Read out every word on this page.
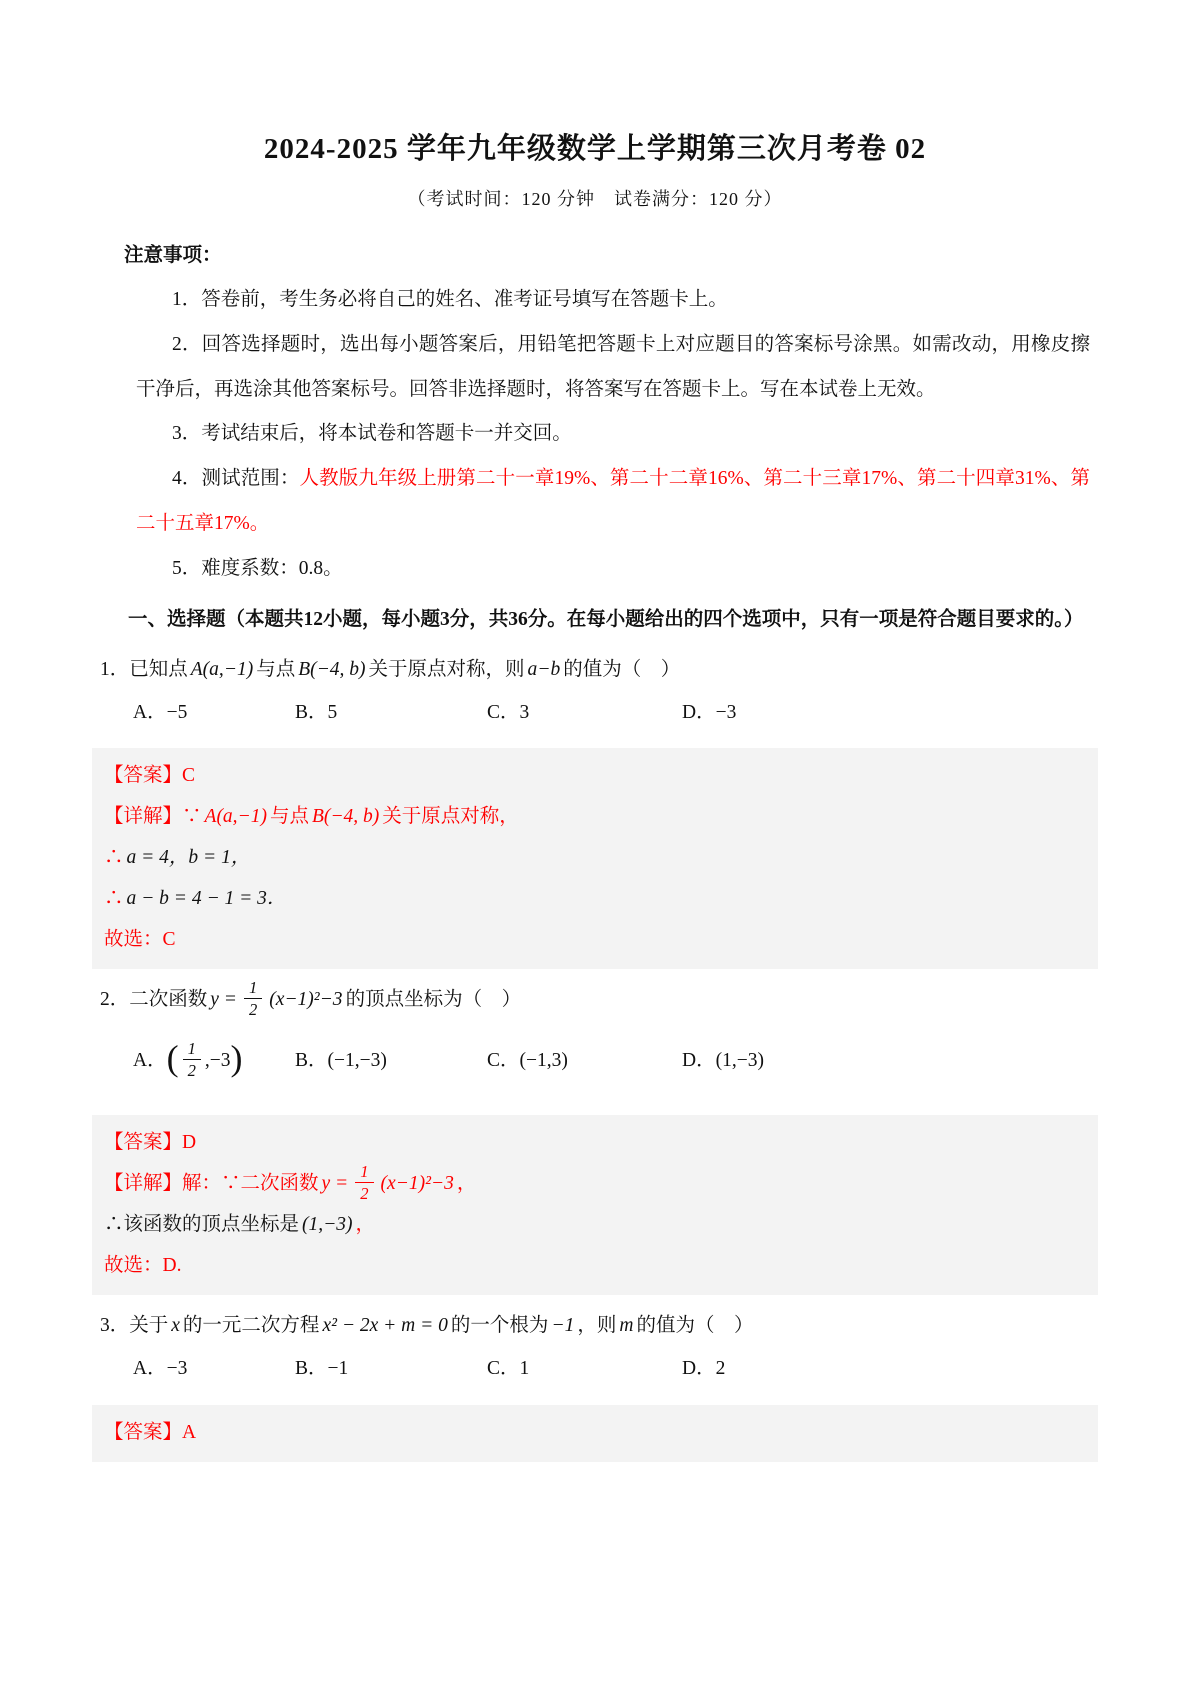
2024-2025 学年九年级数学上学期第三次月考卷 02

（考试时间：120 分钟　试卷满分：120 分）

注意事项：

1．答卷前，考生务必将自己的姓名、准考证号填写在答题卡上。

2．回答选择题时，选出每小题答案后，用铅笔把答题卡上对应题目的答案标号涂黑。如需改动，用橡皮擦干净后，再选涂其他答案标号。回答非选择题时，将答案写在答题卡上。写在本试卷上无效。

3．考试结束后，将本试卷和答题卡一并交回。

4．测试范围：人教版九年级上册第二十一章19%、第二十二章16%、第二十三章17%、第二十四章31%、第二十五章17%。

5．难度系数：0.8。

一、选择题（本题共12小题，每小题3分，共36分。在每小题给出的四个选项中，只有一项是符合题目要求的。）

1．已知点 A(a,−1) 与点 B(−4, b) 关于原点对称，则 a−b 的值为（　）

A．−5	B．5	C．3	D．−3

【答案】C

【详解】∵ A(a,−1) 与点 B(−4, b) 关于原点对称，

∴ a = 4，b = 1，

∴ a − b = 4 − 1 = 3．

故选：C

2．二次函数 $y = \frac{1}{2} (x-1)^2-3$ 的顶点坐标为（　）

A．( $\frac{1}{2} ,-3$)	B．(−1,−3)	C．(−1,3)	D．(1,−3)

【答案】D

【详解】解：∵二次函数 $y = \frac{1}{2} (x-1)^2-3$ ，

∴该函数的顶点坐标是 (1,−3) ，

故选：D.

3．关于 x 的一元二次方程 x² − 2x + m = 0 的一个根为 −1 ，则 m 的值为（　）

A．−3	B．−1	C．1	D．2

【答案】A
